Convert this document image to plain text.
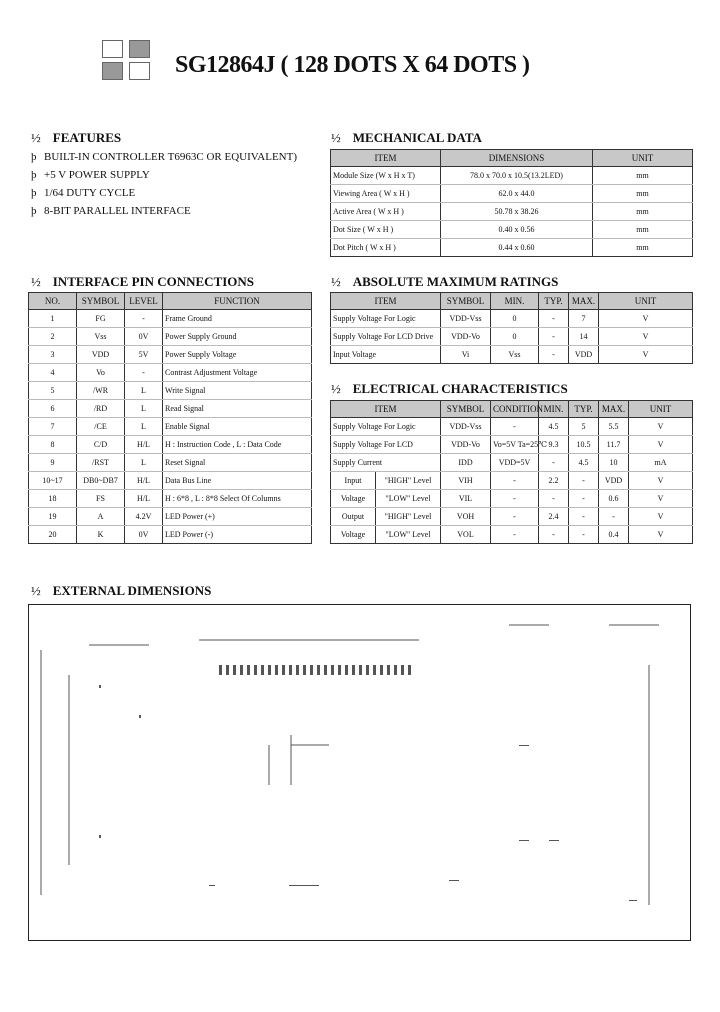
SG12864J ( 128 DOTS X 64 DOTS )
½ FEATURES
þ BUILT-IN CONTROLLER T6963C OR EQUIVALENT)
þ +5 V POWER SUPPLY
þ 1/64 DUTY CYCLE
þ 8-BIT PARALLEL INTERFACE
½ MECHANICAL DATA
ITEM	DIMENSIONS	UNIT
Module Size (W x H x T)	78.0 x 70.0 x 10.5(13.2LED)	mm
Viewing Area ( W x H )	62.0 x 44.0	mm
Active Area ( W x H )	50.78 x 38.26	mm
Dot Size ( W x H )	0.40 x 0.56	mm
Dot Pitch ( W x H )	0.44 x 0.60	mm
½ INTERFACE PIN CONNECTIONS
NO.	SYMBOL	LEVEL	FUNCTION
1	FG	-	Frame Ground
2	Vss	0V	Power Supply Ground
3	VDD	5V	Power Supply Voltage
4	Vo	-	Contrast Adjustment Voltage
5	/WR	L	Write Signal
6	/RD	L	Read Signal
7	/CE	L	Enable Signal
8	C/D	H/L	H : Instruction Code , L : Data Code
9	/RST	L	Reset Signal
10~17	DB0~DB7	H/L	Data Bus Line
18	FS	H/L	H : 6*8 , L : 8*8 Select Of Columns
19	A	4.2V	LED Power (+)
20	K	0V	LED Power (-)
½ ABSOLUTE MAXIMUM RATINGS
ITEM	SYMBOL	MIN.	TYP.	MAX.	UNIT
Supply Voltage For Logic	VDD-Vss	0	-	7	V
Supply Voltage For LCD Drive	VDD-Vo	0	-	14	V
Input Voltage	Vi	Vss	-	VDD	V
½ ELECTRICAL CHARACTERISTICS
ITEM		SYMBOL	CONDITION	MIN.	TYP.	MAX.	UNIT
Supply Voltage For Logic		VDD-Vss	-	4.5	5	5.5	V
Supply Voltage For LCD		VDD-Vo	Vo=5V Ta=25℃	9.3	10.5	11.7	V
Supply Current		IDD	VDD=5V	-	4.5	10	mA
Input	"HIGH" Level	VIH	-	2.2	-	VDD	V
Voltage	"LOW" Level	VIL	-	-	-	0.6	V
Output	"HIGH" Level	VOH	-	2.4	-	-	V
Voltage	"LOW" Level	VOL	-	-	-	0.4	V
½ EXTERNAL DIMENSIONS
